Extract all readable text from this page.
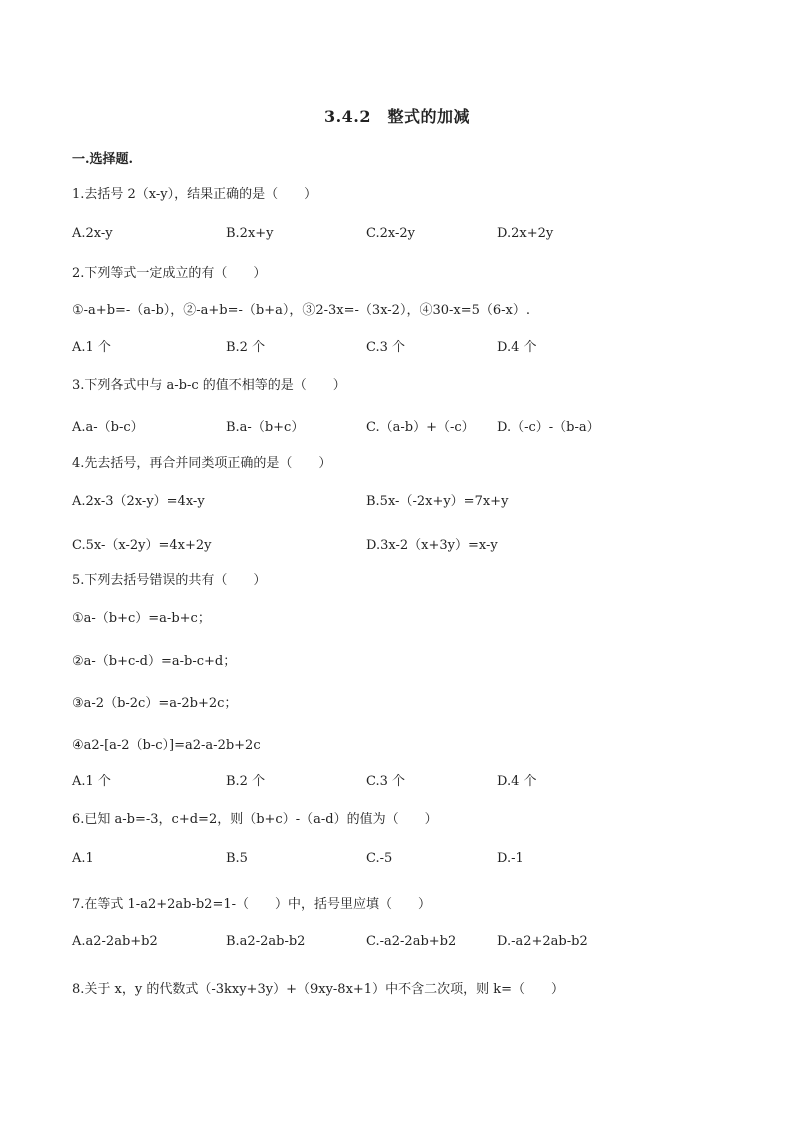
3.4.2　整式的加减
一.选择题.
1.去括号 2（x-y），结果正确的是（　　）
A.2x-y	B.2x+y	C.2x-2y	D.2x+2y
2.下列等式一定成立的有（　　）
①-a+b=-（a-b），②-a+b=-（b+a），③2-3x=-（3x-2），④30-x=5（6-x）.
A.1 个	B.2 个	C.3 个	D.4 个
3.下列各式中与 a-b-c 的值不相等的是（　　）
A.a-（b-c）	B.a-（b+c）	C.（a-b）+（-c） D.（-c）-（b-a）
4.先去括号，再合并同类项正确的是（　　）
A.2x-3（2x-y）=4x-y	B.5x-（-2x+y）=7x+y
C.5x-（x-2y）=4x+2y	D.3x-2（x+3y）=x-y
5.下列去括号错误的共有（　　）
①a-（b+c）=a-b+c；
②a-（b+c-d）=a-b-c+d；
③a-2（b-2c）=a-2b+2c；
④a2-[a-2（b-c）]=a2-a-2b+2c
A.1 个	B.2 个	C.3 个	D.4 个
6.已知 a-b=-3，c+d=2，则（b+c）-（a-d）的值为（　　）
A.1	B.5	C.-5	D.-1
7.在等式 1-a2+2ab-b2=1-（　　）中，括号里应填（　　）
A.a2-2ab+b2	B.a2-2ab-b2	C.-a2-2ab+b2	D.-a2+2ab-b2
8.关于 x，y 的代数式（-3kxy+3y）+（9xy-8x+1）中不含二次项，则 k=（　　）
